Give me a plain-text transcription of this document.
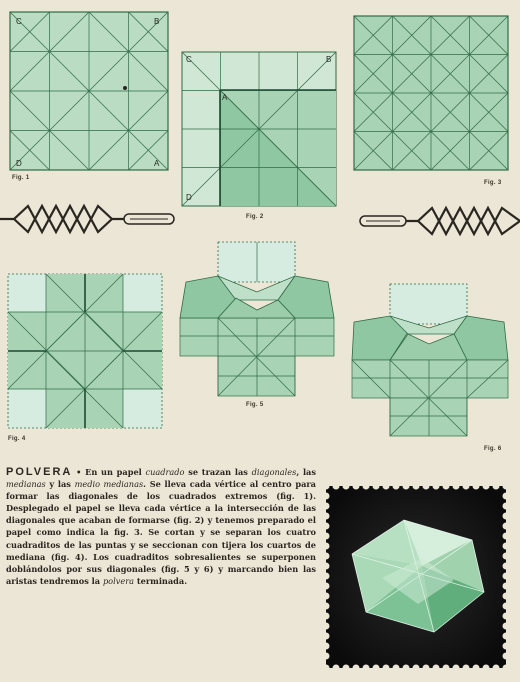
C	B
D	A
Fig. 1
C	B
A
D
Fig. 2
Fig. 3
Fig. 4
Fig. 5
Fig. 6
POLVERA • En un papel cuadrado se trazan las diagonales, las medianas y las medio medianas. Se lleva cada vértice al centro para formar las diagonales de los cuadrados extremos (fig. 1). Desplegado el papel se lleva cada vértice a la intersección de las diagonales que acaban de formarse (fig. 2) y tenemos preparado el papel como indica la fig. 3. Se cortan y se separan los cuatro cuadraditos de las puntas y se seccionan con tijera los cuartos de mediana (fig. 4). Los cuadraditos sobresalientes se superponen doblándolos por sus diagonales (fig. 5 y 6) y marcando bien las aristas tendremos la polvera terminada.
